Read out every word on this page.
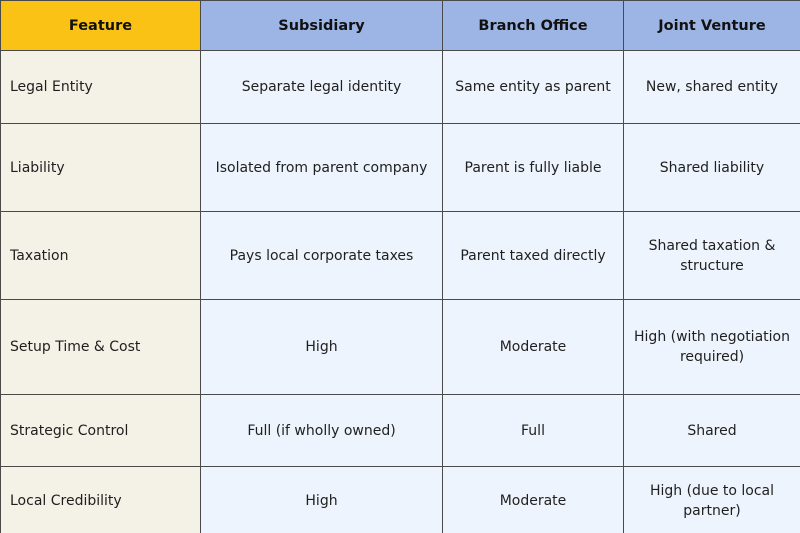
Feature	Subsidiary	Branch Office	Joint Venture
Legal Entity	Separate legal identity	Same entity as parent	New, shared entity
Liability	Isolated from parent company	Parent is fully liable	Shared liability
Taxation	Pays local corporate taxes	Parent taxed directly	Shared taxation & structure
Setup Time & Cost	High	Moderate	High (with negotiation required)
Strategic Control	Full (if wholly owned)	Full	Shared
Local Credibility	High	Moderate	High (due to local partner)
